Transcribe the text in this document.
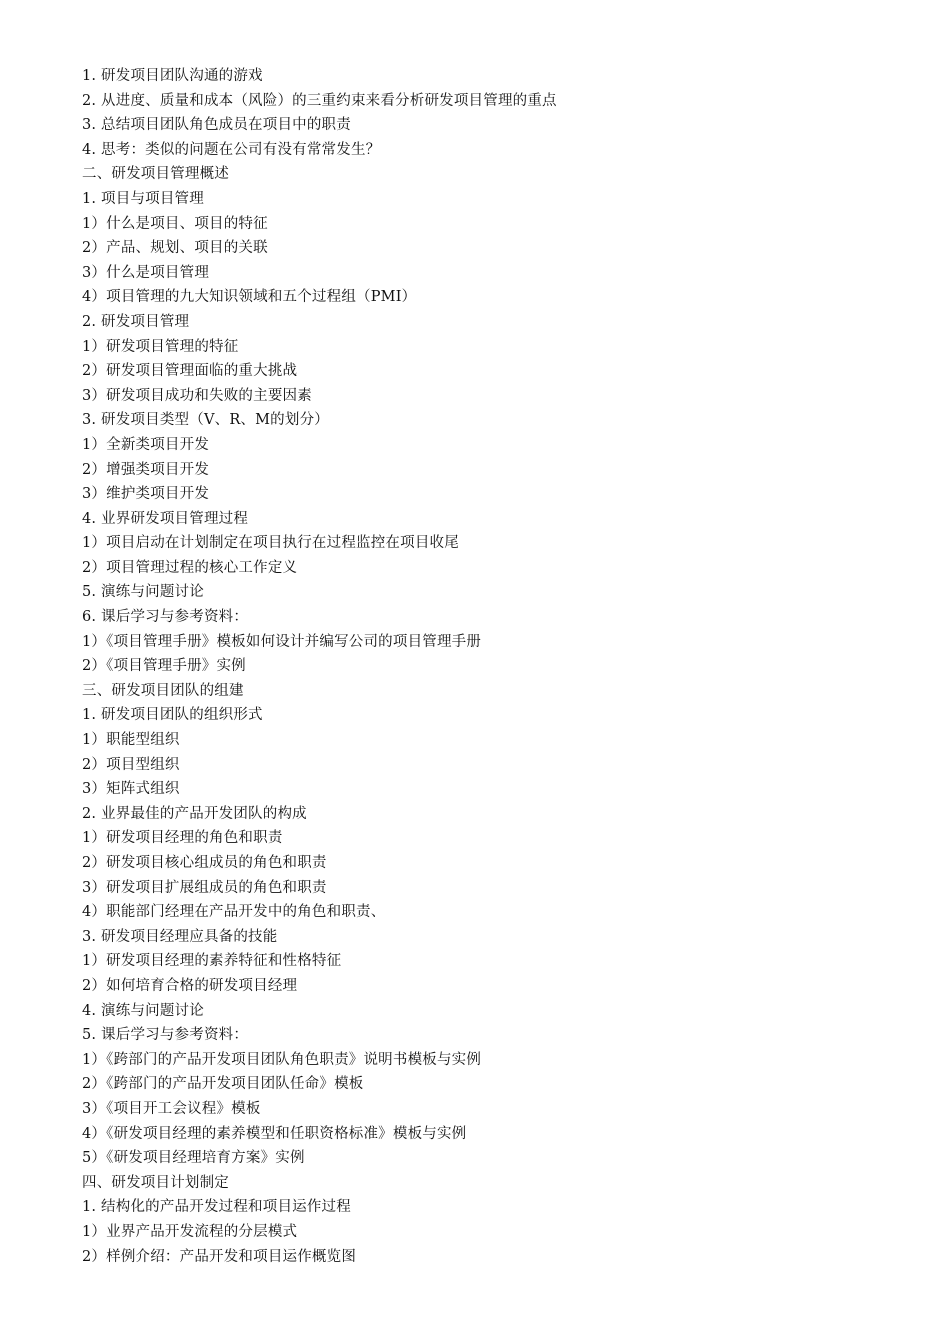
1. 研发项目团队沟通的游戏
2. 从进度、质量和成本（风险）的三重约束来看分析研发项目管理的重点
3. 总结项目团队角色成员在项目中的职责
4. 思考：类似的问题在公司有没有常常发生？
二、研发项目管理概述
1. 项目与项目管理
1）什么是项目、项目的特征
2）产品、规划、项目的关联
3）什么是项目管理
4）项目管理的九大知识领域和五个过程组（PMI）
2. 研发项目管理
1）研发项目管理的特征
2）研发项目管理面临的重大挑战
3）研发项目成功和失败的主要因素
3. 研发项目类型（V、R、M的划分）
1）全新类项目开发
2）增强类项目开发
3）维护类项目开发
4. 业界研发项目管理过程
1）项目启动在计划制定在项目执行在过程监控在项目收尾
2）项目管理过程的核心工作定义
5. 演练与问题讨论
6. 课后学习与参考资料：
1）《项目管理手册》模板如何设计并编写公司的项目管理手册
2）《项目管理手册》实例
三、研发项目团队的组建
1. 研发项目团队的组织形式
1）职能型组织
2）项目型组织
3）矩阵式组织
2. 业界最佳的产品开发团队的构成
1）研发项目经理的角色和职责
2）研发项目核心组成员的角色和职责
3）研发项目扩展组成员的角色和职责
4）职能部门经理在产品开发中的角色和职责、
3. 研发项目经理应具备的技能
1）研发项目经理的素养特征和性格特征
2）如何培育合格的研发项目经理
4. 演练与问题讨论
5. 课后学习与参考资料：
1）《跨部门的产品开发项目团队角色职责》说明书模板与实例
2）《跨部门的产品开发项目团队任命》模板
3）《项目开工会议程》模板
4）《研发项目经理的素养模型和任职资格标准》模板与实例
5）《研发项目经理培育方案》实例
四、研发项目计划制定
1. 结构化的产品开发过程和项目运作过程
1）业界产品开发流程的分层模式
2）样例介绍：产品开发和项目运作概览图
